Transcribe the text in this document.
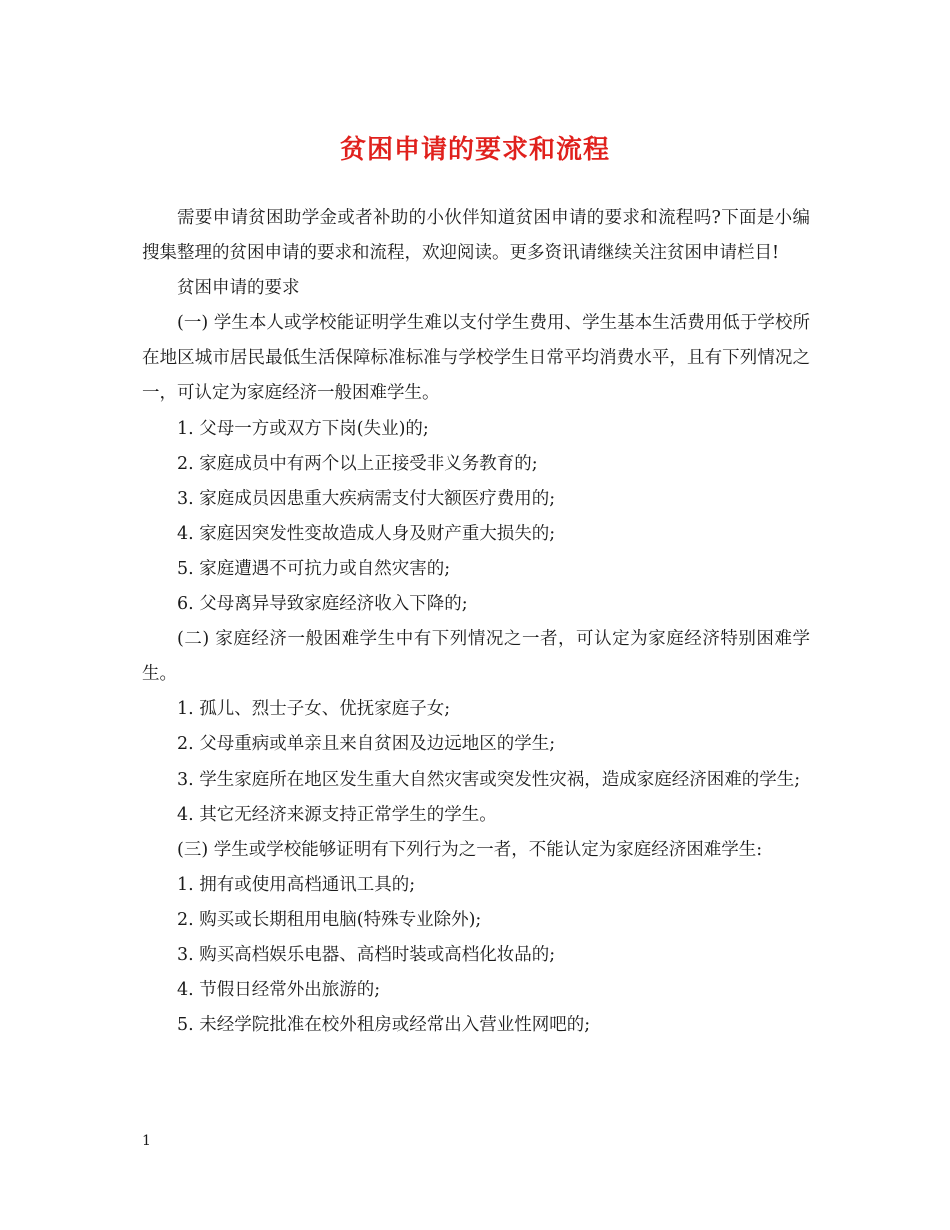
贫困申请的要求和流程

需要申请贫困助学金或者补助的小伙伴知道贫困申请的要求和流程吗?下面是小编搜集整理的贫困申请的要求和流程，欢迎阅读。更多资讯请继续关注贫困申请栏目!

贫困申请的要求

(一) 学生本人或学校能证明学生难以支付学生费用、学生基本生活费用低于学校所在地区城市居民最低生活保障标准标准与学校学生日常平均消费水平，且有下列情况之一，可认定为家庭经济一般困难学生。

1. 父母一方或双方下岗(失业)的;

2. 家庭成员中有两个以上正接受非义务教育的;

3. 家庭成员因患重大疾病需支付大额医疗费用的;

4. 家庭因突发性变故造成人身及财产重大损失的;

5. 家庭遭遇不可抗力或自然灾害的;

6. 父母离异导致家庭经济收入下降的;

(二) 家庭经济一般困难学生中有下列情况之一者，可认定为家庭经济特别困难学生。

1. 孤儿、烈士子女、优抚家庭子女;

2. 父母重病或单亲且来自贫困及边远地区的学生;

3. 学生家庭所在地区发生重大自然灾害或突发性灾祸，造成家庭经济困难的学生;

4. 其它无经济来源支持正常学生的学生。

(三) 学生或学校能够证明有下列行为之一者，不能认定为家庭经济困难学生:

1. 拥有或使用高档通讯工具的;

2. 购买或长期租用电脑(特殊专业除外);

3. 购买高档娱乐电器、高档时装或高档化妆品的;

4. 节假日经常外出旅游的;

5. 未经学院批准在校外租房或经常出入营业性网吧的;

1
